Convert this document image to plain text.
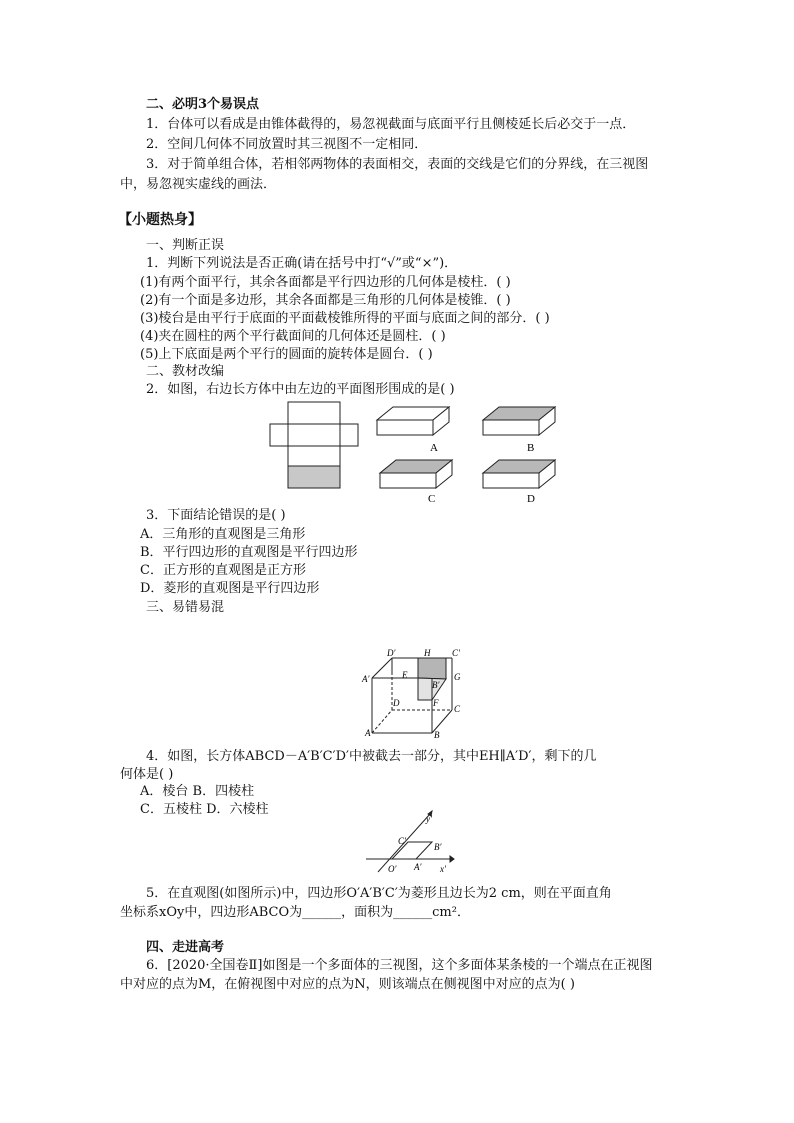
二、必明3个易误点
1．台体可以看成是由锥体截得的，易忽视截面与底面平行且侧棱延长后必交于一点．
2．空间几何体不同放置时其三视图不一定相同．
3．对于简单组合体，若相邻两物体的表面相交，表面的交线是它们的分界线，在三视图
中，易忽视实虚线的画法．
【小题热身】
一、判断正误
1．判断下列说法是否正确(请在括号中打“√”或“×”)．
(1)有两个面平行，其余各面都是平行四边形的几何体是棱柱．( )
(2)有一个面是多边形，其余各面都是三角形的几何体是棱锥．( )
(3)棱台是由平行于底面的平面截棱锥所得的平面与底面之间的部分．( )
(4)夹在圆柱的两个平行截面间的几何体还是圆柱．( )
(5)上下底面是两个平行的圆面的旋转体是圆台．( )
二、教材改编
2．如图，右边长方体中由左边的平面图形围成的是( )
A	B
C	D
3．下面结论错误的是( )
A．三角形的直观图是三角形
B．平行四边形的直观图是平行四边形
C．正方形的直观图是正方形
D．菱形的直观图是平行四边形
三、易错易混
D′	H C′
A′	E
B′
G
F
A
C
D
B
4．如图，长方体ABCD－A′B′C′D′中被截去一部分，其中EH∥A′D′，剩下的几
何体是( )
A．棱台 B．四棱柱
C．五棱柱 D．六棱柱
y′
C′
B′
O′ A′ x′
5．在直观图(如图所示)中，四边形O′A′B′C′为菱形且边长为2 cm，则在平面直角
坐标系xOy中，四边形ABCO为______，面积为______cm²．
四、走进高考
6．[2020·全国卷Ⅱ]如图是一个多面体的三视图，这个多面体某条棱的一个端点在正视图
中对应的点为M，在俯视图中对应的点为N，则该端点在侧视图中对应的点为( )
